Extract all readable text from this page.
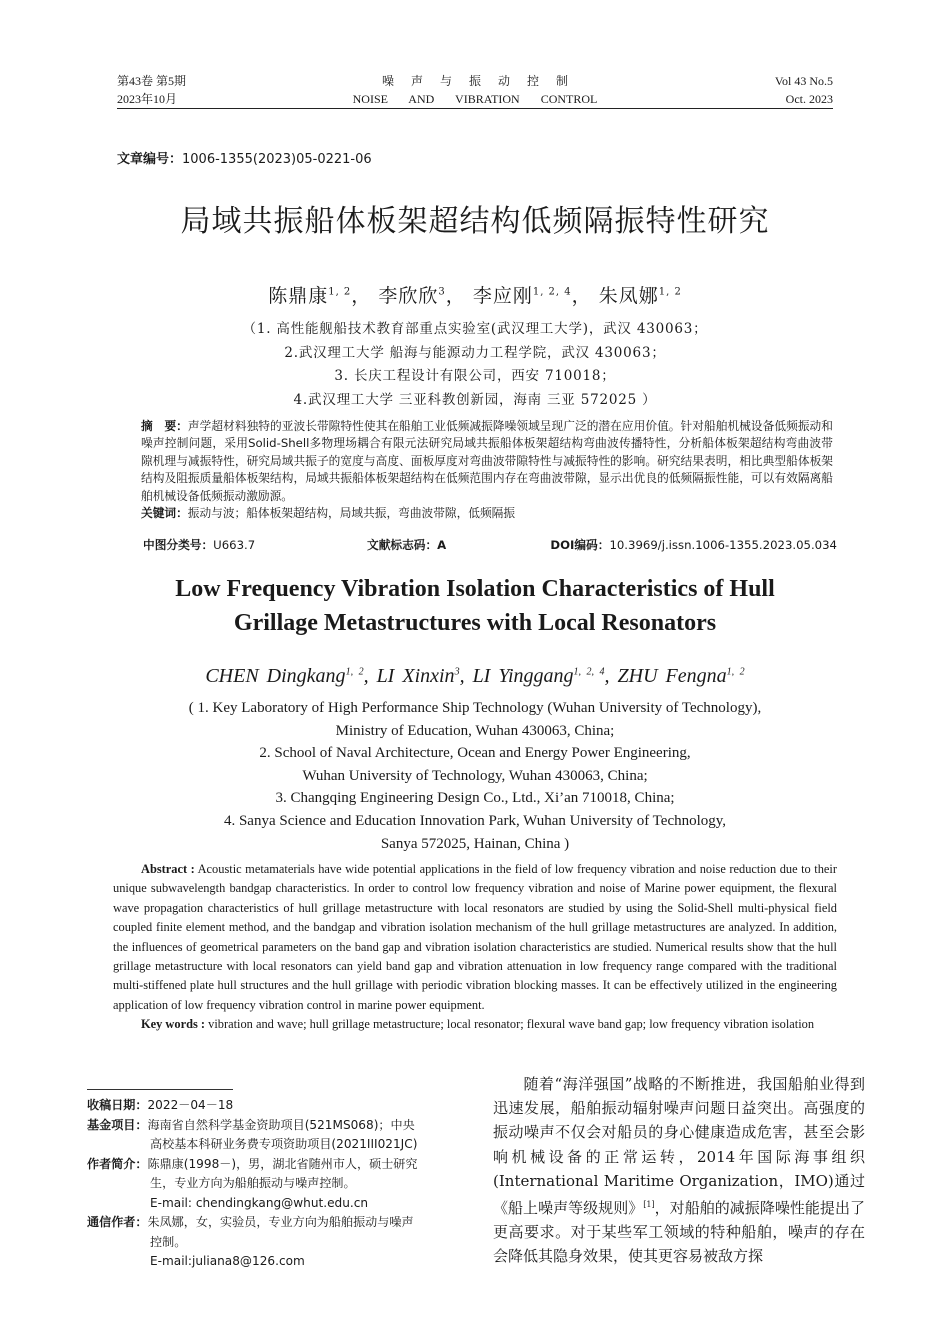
第43卷 第5期
2023年10月
噪声与振动控制
NOISE AND VIBRATION CONTROL
Vol 43 No.5
Oct. 2023
文章编号：1006-1355(2023)05-0221-06
局域共振船体板架超结构低频隔振特性研究
陈鼎康$^{1, 2}$， 李欣欣$^3$， 李应刚$^{1, 2, 4}$， 朱凤娜$^{1, 2}$
（1. 高性能舰船技术教育部重点实验室(武汉理工大学)，武汉 430063；
2.武汉理工大学 船海与能源动力工程学院，武汉 430063；
3. 长庆工程设计有限公司，西安 710018；
4.武汉理工大学 三亚科教创新园，海南 三亚 572025 ）
摘　要：声学超材料独特的亚波长带隙特性使其在船舶工业低频减振降噪领域呈现广泛的潜在应用价值。针对船舶机械设备低频振动和噪声控制问题，采用Solid-Shell多物理场耦合有限元法研究局域共振船体板架超结构弯曲波传播特性，分析船体板架超结构弯曲波带隙机理与减振特性，研究局域共振子的宽度与高度、面板厚度对弯曲波带隙特性与减振特性的影响。研究结果表明，相比典型船体板架结构及阻振质量船体板架结构，局域共振船体板架超结构在低频范围内存在弯曲波带隙，显示出优良的低频隔振性能，可以有效隔离船舶机械设备低频振动激励源。
关键词：振动与波；船体板架超结构，局域共振，弯曲波带隙，低频隔振
中图分类号：U663.7	文献标志码：A	DOI编码：10.3969/j.issn.1006-1355.2023.05.034
Low Frequency Vibration Isolation Characteristics of Hull
Grillage Metastructures with Local Resonators
CHEN Dingkang$^{1, 2}$, LI Xinxin$^3$, LI Yinggang$^{1, 2, 4}$, ZHU Fengna$^{1, 2}$
( 1. Key Laboratory of High Performance Ship Technology (Wuhan University of Technology),
Ministry of Education, Wuhan 430063, China;
2. School of Naval Architecture, Ocean and Energy Power Engineering,
Wuhan University of Technology, Wuhan 430063, China;
3. Changqing Engineering Design Co., Ltd., Xi’an 710018, China;
4. Sanya Science and Education Innovation Park, Wuhan University of Technology,
Sanya 572025, Hainan, China )
Abstract : Acoustic metamaterials have wide potential applications in the field of low frequency vibration and noise reduction due to their unique subwavelength bandgap characteristics. In order to control low frequency vibration and noise of Marine power equipment, the flexural wave propagation characteristics of hull grillage metastructure with local resonators are studied by using the Solid-Shell multi-physical field coupled finite element method, and the bandgap and vibration isolation mechanism of the hull grillage metastructures are analyzed. In addition, the influences of geometrical parameters on the band gap and vibration isolation characteristics are studied. Numerical results show that the hull grillage metastructure with local resonators can yield band gap and vibration attenuation in low frequency range compared with the traditional multi-stiffened plate hull structures and the hull grillage with periodic vibration blocking masses. It can be effectively utilized in the engineering application of low frequency vibration control in marine power equipment.
Key words : vibration and wave; hull grillage metastructure; local resonator; flexural wave band gap; low frequency vibration isolation
收稿日期： 2022－04－18
基金项目： 海南省自然科学基金资助项目(521MS068)；中央
高校基本科研业务费专项资助项目(2021III021JC)
作者简介： 陈鼎康(1998－)，男，湖北省随州市人，硕士研究
生，专业方向为船舶振动与噪声控制。
E-mail: chendingkang@whut.edu.cn
通信作者： 朱凤娜，女，实验员，专业方向为船舶振动与噪声
控制。
E-mail:juliana8@126.com
随着“海洋强国”战略的不断推进，我国船舶业得到迅速发展，船舶振动辐射噪声问题日益突出。高强度的振动噪声不仅会对船员的身心健康造成危害，甚至会影响机械设备的正常运转，2014年国际海事组织(International Maritime Organization，IMO)通过《船上噪声等级规则》[1]，对船舶的减振降噪性能提出了更高要求。对于某些军工领域的特种船舶，噪声的存在会降低其隐身效果，使其更容易被敌方探
